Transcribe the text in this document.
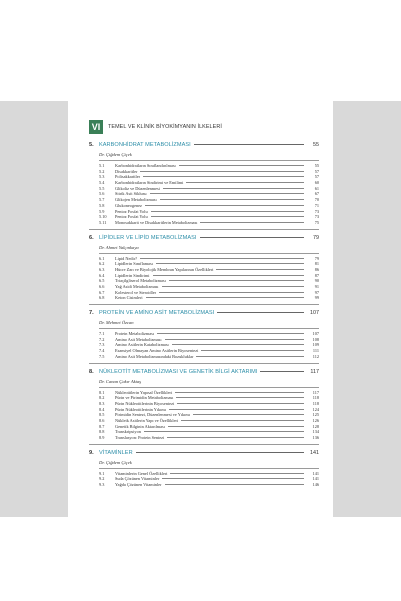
VI	TEMEL VE KLİNİK BİYOKİMYANIN İLKELERİ
5. KARBONHİDRAT METABOLİZMASI	55
Dr. Çiğdem Çiçek
5.1	Karbonhidratların Sınıflandırılması	55
5.2	Disakkaritler	57
5.3	Polisakkaritler	57
5.4	Karbonhidratların Sindirimi ve Emilimi	60
5.5	Glikoliz ve Düzenlenmesi	61
5.6	Sitrik Asit Siklusu	67
5.7	Glikojen Metabolizması	70
5.8	Glukoneogenez	71
5.9	Pentoz Fosfat Yolu	73
5.10	Pentoz Fosfat Yolu	73
5.11	Monosakkarit ve Disakkaritlerin Metabolizması	75
6. LİPİDLER VE LİPİD METABOLİZMASI	79
Dr. Ahmet Yalçınkaya
6.1	Lipid Nedir?	79
6.2	Lipidlerin Sınıflaması	81
6.3	Hücre Zarı ve Biyolojik Membran Yapılarının Özellikleri	86
6.4	Lipidlerin Sindirimi	87
6.5	Triaçilgliserol Metabolizması	90
6.6	Yağ Asidi Metabolizması	91
6.7	Kolesterol ve Steroidler	97
6.8	Keton Cisimleri	99
7. PROTEİN VE AMİNO ASİT METABOLİZMASI	107
Dr. Mehmet Özcan
7.1	Protein Metabolizması	107
7.2	Amino Asit Metabolizması	108
7.3	Amino Asitlerin Katabolizması	109
7.4	Esansiyel Olmayan Amino Asitlerin Biyosentezi	111
7.5	Amino Asit Metabolizmasındaki Bozukluklar	112
8. NÜKLEOTİT METABOLİZMASI VE GENETİK BİLGİ AKTARIMI	117
Dr. Canan Çakır Aktaş
8.1	Nükleotitlerin Yapısal Özellikleri	117
8.2	Pürin ve Pirimidin Metabolizması	118
8.3	Pürin Nükleotitlerinin Biyosentezi	118
8.4	Pürin Nükleotitlerinin Yıkımı	124
8.5	Pirimidin Sentezi, Düzenlenmesi ve Yıkımı	125
8.6	Nükleik Asitlerin Yapı ve Özellikleri	126
8.7	Genetik Bilginin Aktarılması	128
8.8	Transkripsiyon	134
8.9	Translasyon: Protein Sentezi	136
9. VİTAMİNLER	141
Dr. Çiğdem Çiçek
9.1	Vitaminlerin Genel Özellikleri	141
9.2	Suda Çözünen Vitaminler	141
9.3	Yağda Çözünen Vitaminler	146
